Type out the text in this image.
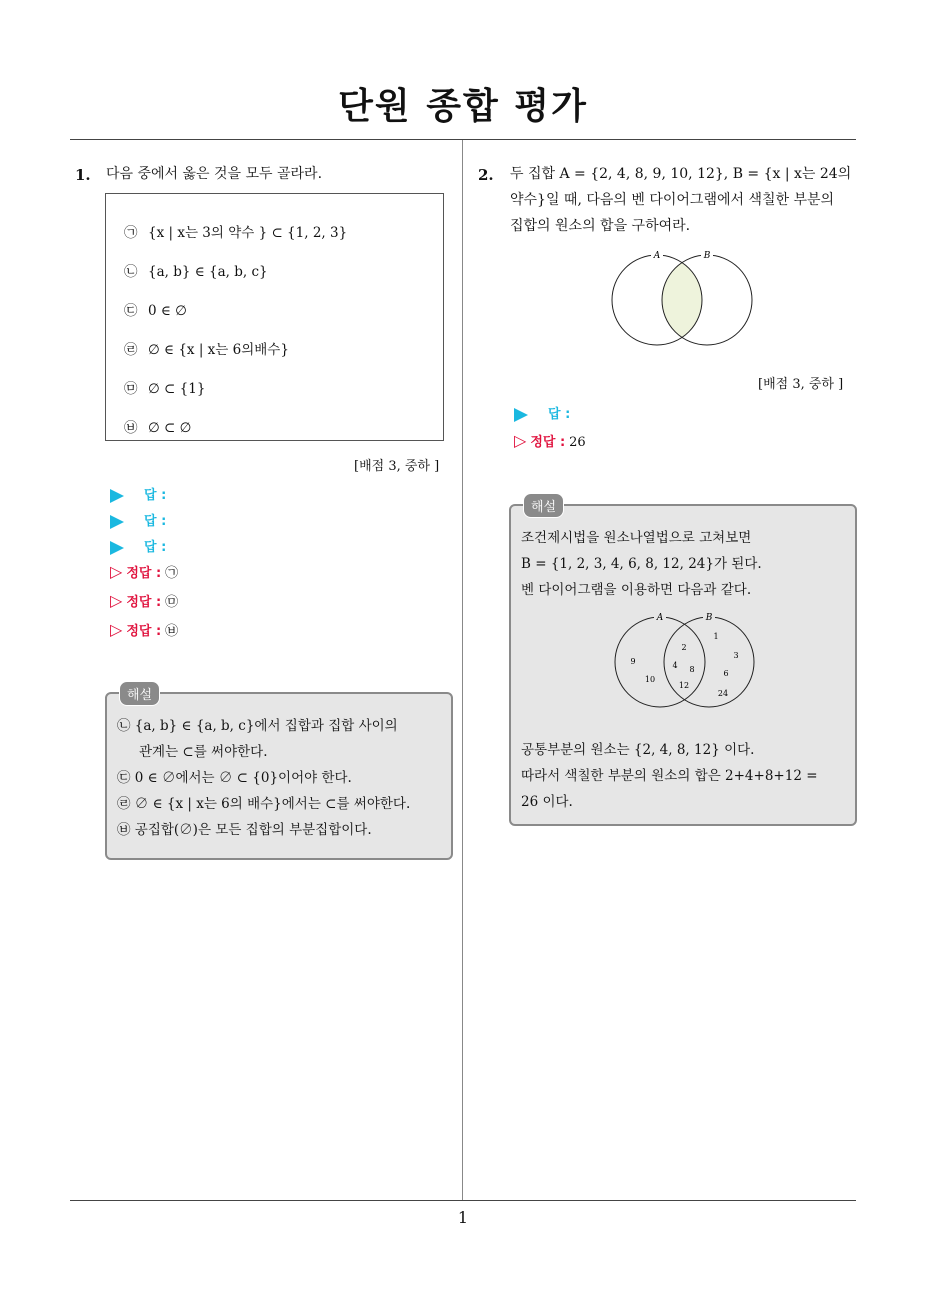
단원 종합 평가
1. 다음 중에서 옳은 것을 모두 골라라.
㉠ {x | x는 3의 약수 } ⊂ {1, 2, 3}
㉡ {a, b} ∈ {a, b, c}
㉢ 0 ∈ ∅
㉣ ∅ ∈ {x | x는 6의배수}
㉤ ∅ ⊂ {1}
㉥ ∅ ⊂ ∅
[배점 3, 중하 ]
답 :
답 :
답 :
▷ 정답 : ㉠
▷ 정답 : ㉤
▷ 정답 : ㉥
해설
㉡ {a, b} ∈ {a, b, c}에서 집합과 집합 사이의
관계는 ⊂를 써야한다.
㉢ 0 ∈ ∅에서는 ∅ ⊂ {0}이어야 한다.
㉣ ∅ ∈ {x | x는 6의 배수}에서는 ⊂를 써야한다.
㉥ 공집합(∅)은 모든 집합의 부분집합이다.
2. 두 집합 A = {2, 4, 8, 9, 10, 12}, B = {x | x는 24의
약수}일 때, 다음의 벤 다이어그램에서 색칠한 부분의
집합의 원소의 합을 구하여라.
A	B
[배점 3, 중하 ]
답 :
▷ 정답 : 26
해설
조건제시법을 원소나열법으로 고쳐보면
B = {1, 2, 3, 4, 6, 8, 12, 24}가 된다.
벤 다이어그램을 이용하면 다음과 같다.
A	B
9
10
2
4 8
12
1
3
6
24
공통부분의 원소는 {2, 4, 8, 12} 이다.
따라서 색칠한 부분의 원소의 합은 2+4+8+12 =
26 이다.
1
